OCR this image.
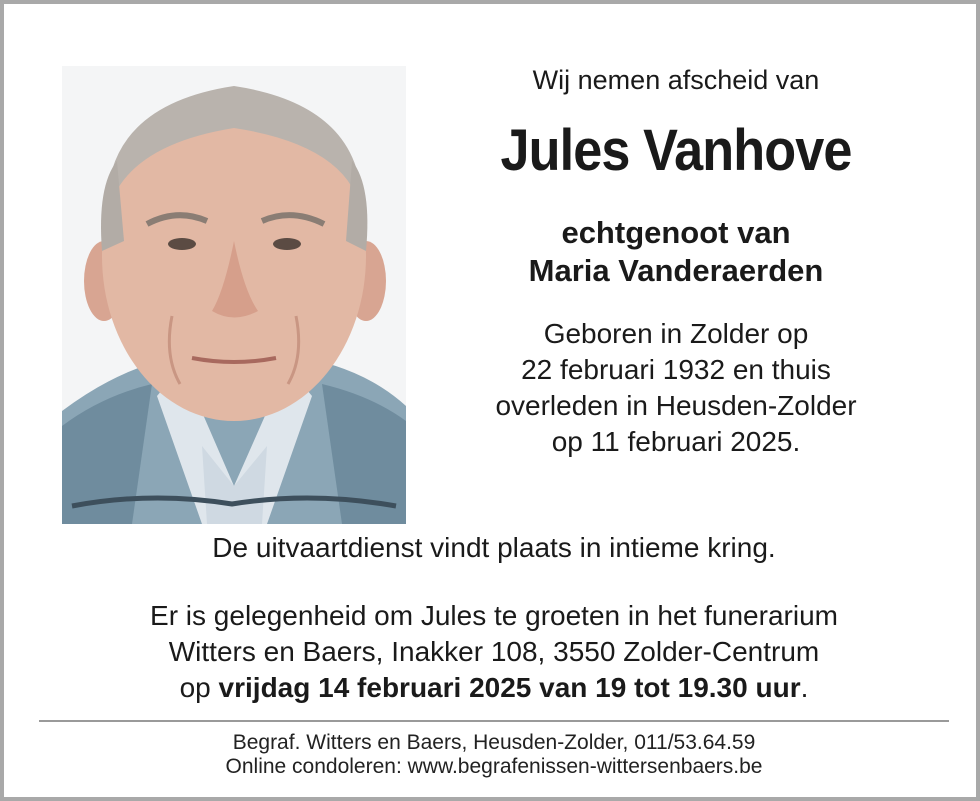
Wij nemen afscheid van
Jules Vanhove
echtgenoot van
Maria Vanderaerden
Geboren in Zolder op
22 februari 1932 en thuis
overleden in Heusden-Zolder
op 11 februari 2025.
De uitvaartdienst vindt plaats in intieme kring.
Er is gelegenheid om Jules te groeten in het funerarium
Witters en Baers, Inakker 108, 3550 Zolder-Centrum
op vrijdag 14 februari 2025 van 19 tot 19.30 uur.
Begraf. Witters en Baers, Heusden-Zolder, 011/53.64.59
Online condoleren: www.begrafenissen-wittersenbaers.be
